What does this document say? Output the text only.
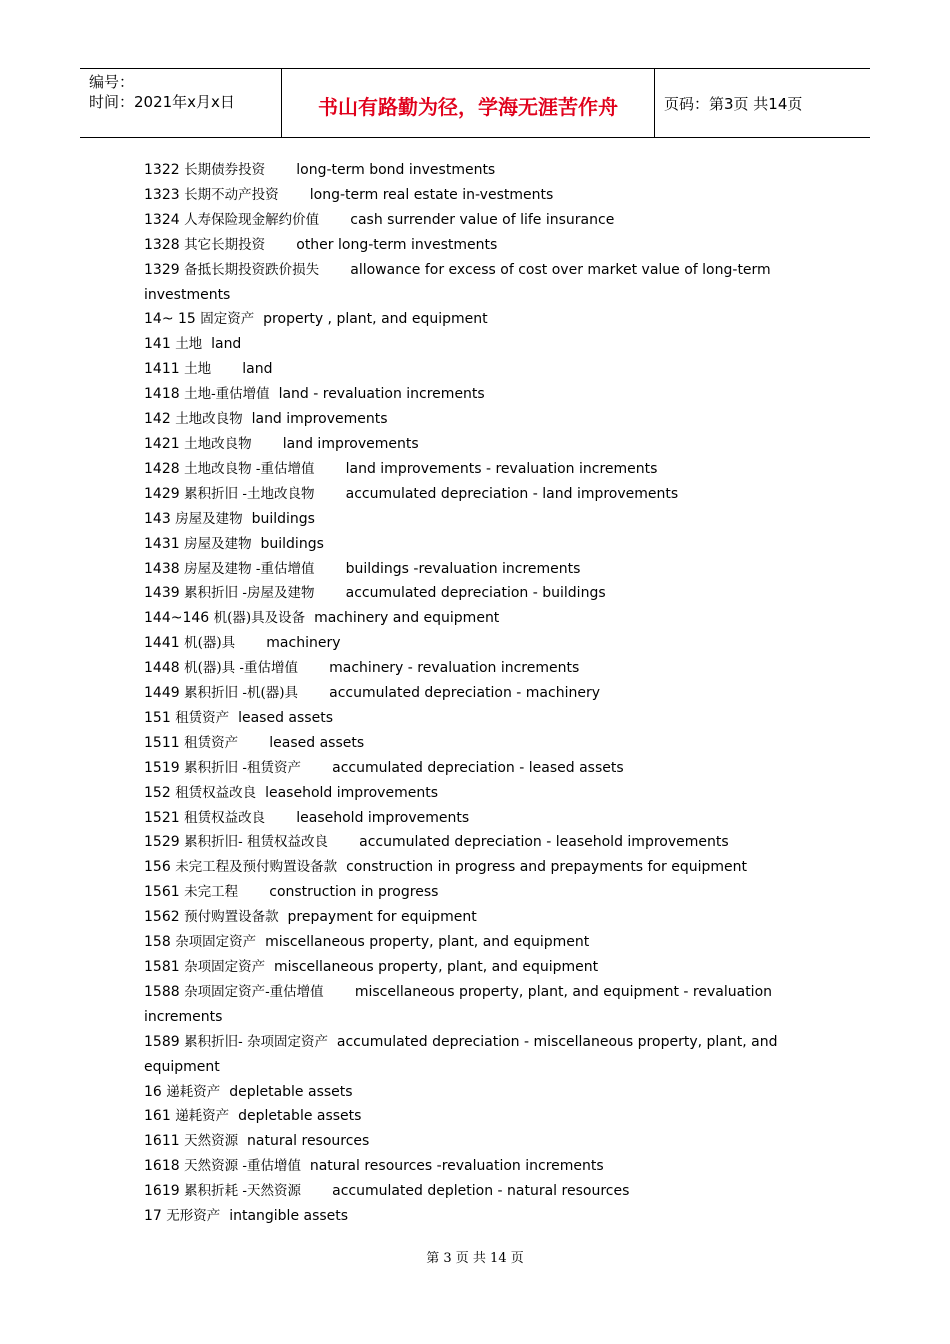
编号：
时间：2021年x月x日	书山有路勤为径，学海无涯苦作舟	页码：第3页 共14页
1322 长期债券投资 long-term bond investments
1323 长期不动产投资 long-term real estate in-vestments
1324 人寿保险现金解约价值 cash surrender value of life insurance
1328 其它长期投资 other long-term investments
1329 备抵长期投资跌价损失 allowance for excess of cost over market value of long-term investments
14~ 15 固定资产 property , plant, and equipment
141 土地 land
1411 土地 land
1418 土地-重估增值 land - revaluation increments
142 土地改良物 land improvements
1421 土地改良物 land improvements
1428 土地改良物 -重估增值 land improvements - revaluation increments
1429 累积折旧 -土地改良物 accumulated depreciation - land improvements
143 房屋及建物 buildings
1431 房屋及建物 buildings
1438 房屋及建物 -重估增值 buildings -revaluation increments
1439 累积折旧 -房屋及建物 accumulated depreciation - buildings
144~146 机(器)具及设备 machinery and equipment
1441 机(器)具 machinery
1448 机(器)具 -重估增值 machinery - revaluation increments
1449 累积折旧 -机(器)具 accumulated depreciation - machinery
151 租赁资产 leased assets
1511 租赁资产 leased assets
1519 累积折旧 -租赁资产 accumulated depreciation - leased assets
152 租赁权益改良 leasehold improvements
1521 租赁权益改良 leasehold improvements
1529 累积折旧- 租赁权益改良 accumulated depreciation - leasehold improvements
156 未完工程及预付购置设备款 construction in progress and prepayments for equipment
1561 未完工程 construction in progress
1562 预付购置设备款 prepayment for equipment
158 杂项固定资产 miscellaneous property, plant, and equipment
1581 杂项固定资产 miscellaneous property, plant, and equipment
1588 杂项固定资产-重估增值 miscellaneous property, plant, and equipment - revaluation increments
1589 累积折旧- 杂项固定资产 accumulated depreciation - miscellaneous property, plant, and equipment
16 递耗资产 depletable assets
161 递耗资产 depletable assets
1611 天然资源 natural resources
1618 天然资源 -重估增值 natural resources -revaluation increments
1619 累积折耗 -天然资源 accumulated depletion - natural resources
17 无形资产 intangible assets
第 3 页 共 14 页
